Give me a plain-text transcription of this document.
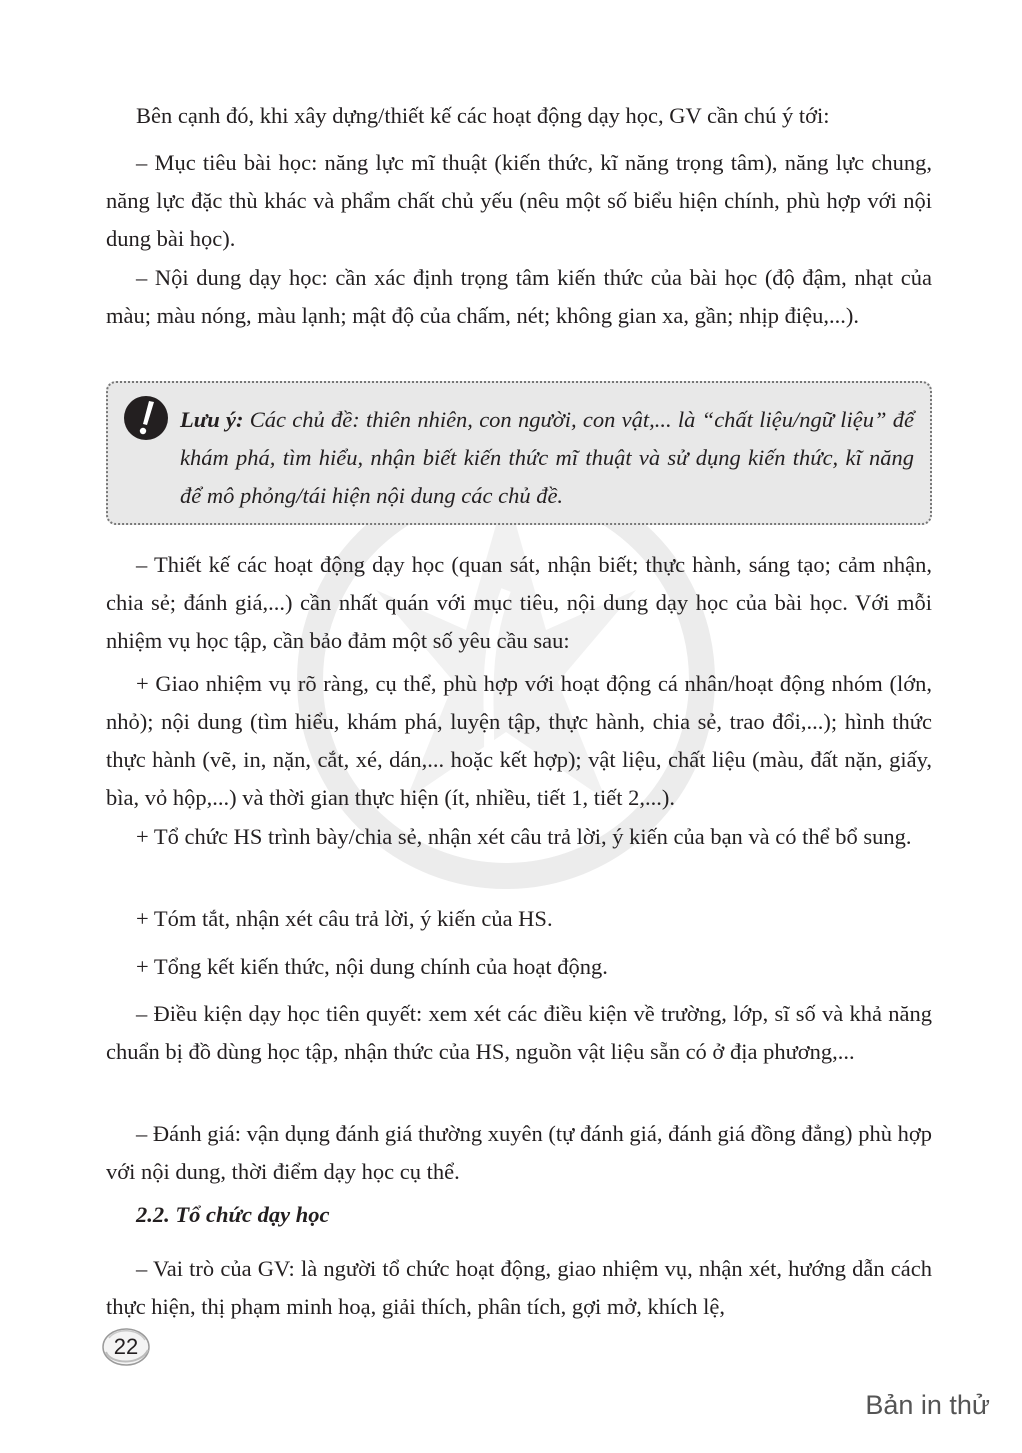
Bên cạnh đó, khi xây dựng/thiết kế các hoạt động dạy học, GV cần chú ý tới:

– Mục tiêu bài học: năng lực mĩ thuật (kiến thức, kĩ năng trọng tâm), năng lực chung, năng lực đặc thù khác và phẩm chất chủ yếu (nêu một số biểu hiện chính, phù hợp với nội dung bài học).

– Nội dung dạy học: cần xác định trọng tâm kiến thức của bài học (độ đậm, nhạt của màu; màu nóng, màu lạnh; mật độ của chấm, nét; không gian xa, gần; nhịp điệu,...).

Lưu ý: Các chủ đề: thiên nhiên, con người, con vật,... là “chất liệu/ngữ liệu” để khám phá, tìm hiểu, nhận biết kiến thức mĩ thuật và sử dụng kiến thức, kĩ năng để mô phỏng/tái hiện nội dung các chủ đề.

– Thiết kế các hoạt động dạy học (quan sát, nhận biết; thực hành, sáng tạo; cảm nhận, chia sẻ; đánh giá,...) cần nhất quán với mục tiêu, nội dung dạy học của bài học. Với mỗi nhiệm vụ học tập, cần bảo đảm một số yêu cầu sau:

+ Giao nhiệm vụ rõ ràng, cụ thể, phù hợp với hoạt động cá nhân/hoạt động nhóm (lớn, nhỏ); nội dung (tìm hiểu, khám phá, luyện tập, thực hành, chia sẻ, trao đổi,...); hình thức thực hành (vẽ, in, nặn, cắt, xé, dán,... hoặc kết hợp); vật liệu, chất liệu (màu, đất nặn, giấy, bìa, vỏ hộp,...) và thời gian thực hiện (ít, nhiều, tiết 1, tiết 2,...).

+ Tổ chức HS trình bày/chia sẻ, nhận xét câu trả lời, ý kiến của bạn và có thể bổ sung.

+ Tóm tắt, nhận xét câu trả lời, ý kiến của HS.

+ Tổng kết kiến thức, nội dung chính của hoạt động.

– Điều kiện dạy học tiên quyết: xem xét các điều kiện về trường, lớp, sĩ số và khả năng chuẩn bị đồ dùng học tập, nhận thức của HS, nguồn vật liệu sẵn có ở địa phương,...

– Đánh giá: vận dụng đánh giá thường xuyên (tự đánh giá, đánh giá đồng đẳng) phù hợp với nội dung, thời điểm dạy học cụ thể.

2.2. Tổ chức dạy học

– Vai trò của GV: là người tổ chức hoạt động, giao nhiệm vụ, nhận xét, hướng dẫn cách thực hiện, thị phạm minh hoạ, giải thích, phân tích, gợi mở, khích lệ,

22
Bản in thử
